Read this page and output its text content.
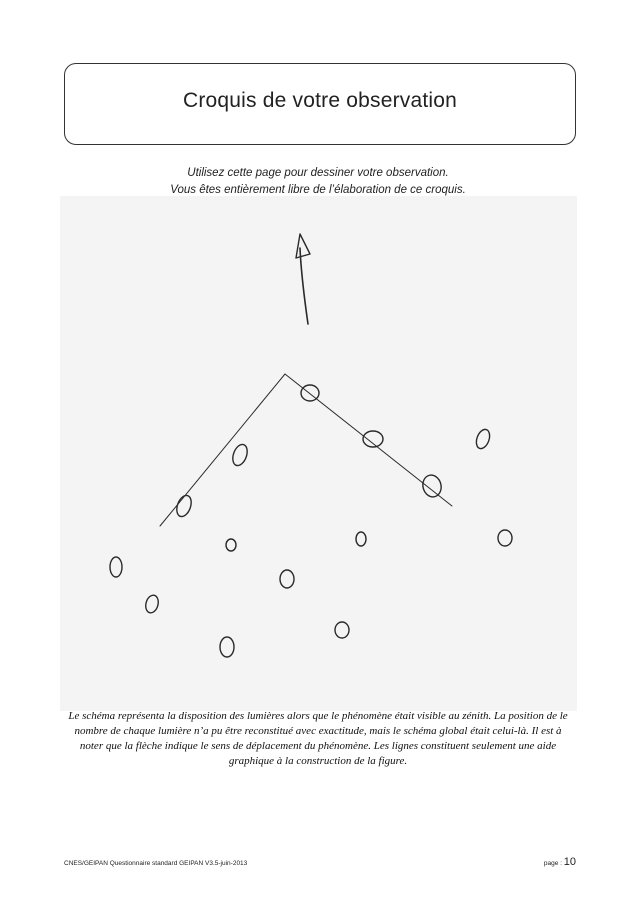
Croquis de votre observation
Utilisez cette page pour dessiner votre observation.
Vous êtes entièrement libre de l’élaboration de ce croquis.
Le schéma représenta la disposition des lumières alors que le phénomène était visible au zénith. La position de le nombre de chaque lumière n’a pu être reconstitué avec exactitude, mais le schéma global était celui-là. Il est à noter que la flèche indique le sens de déplacement du phénomène. Les lignes constituent seulement une aide graphique à la construction de la figure.
CNES/GEIPAN Questionnaire standard GEIPAN V3.5-juin-2013	page : 10
